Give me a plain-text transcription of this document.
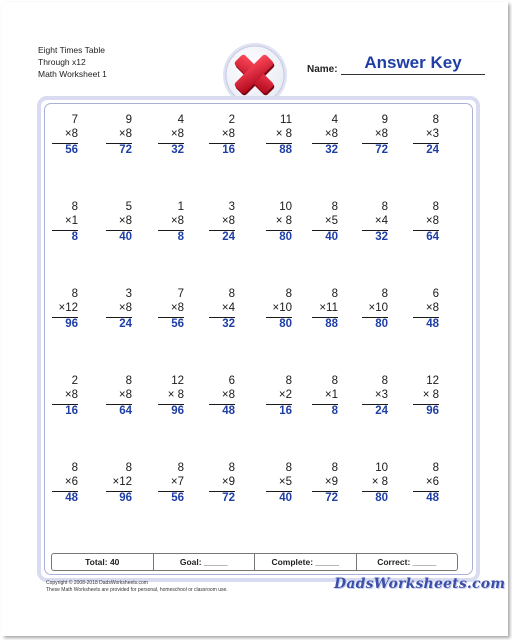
Eight Times Table
Through x12
Math Worksheet 1	Name:	Answer Key
7
×8
56
9
×8
72
4
×8
32
2
×8
16
11
× 8
88
4
×8
32
9
×8
72
8
×3
24
8
×1
8
5
×8
40
1
×8
8
3
×8
24
10
× 8
80
8
×5
40
8
×4
32
8
×8
64
8
×12
96
3
×8
24
7
×8
56
8
×4
32
8
×10
80
8
×11
88
8
×10
80
6
×8
48
2
×8
16
8
×8
64
12
× 8
96
6
×8
48
8
×2
16
8
×1
8
8
×3
24
12
× 8
96
8
×6
48
8
×12
96
8
×7
56
8
×9
72
8
×5
40
8
×9
72
10
× 8
80
8
×6
48
Total: 40	Goal: _____	Complete: _____	Correct: _____
Copyright © 2008-2018 DadsWorksheets.com
These Math Worksheets are provided for personal, homeschool or classroom use.	DadsWorksheets.com
